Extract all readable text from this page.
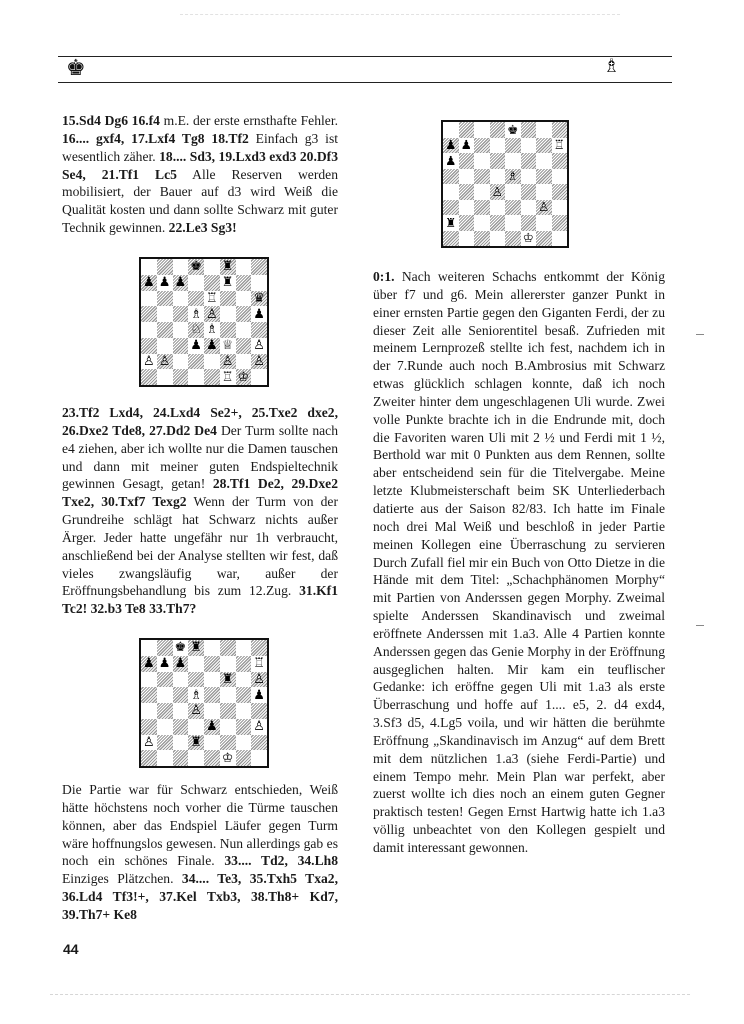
♚	♗

15.Sd4 Dg6 16.f4 m.E. der erste ernsthafte Fehler. 16.... gxf4, 17.Lxf4 Tg8 18.Tf2 Einfach g3 ist wesentlich zäher. 18.... Sd3, 19.Lxd3 exd3 20.Df3 Se4, 21.Tf1 Lc5 Alle Reserven werden mobilisiert, der Bauer auf d3 wird Weiß die Qualität kosten und dann sollte Schwarz mit guter Technik gewinnen. 22.Le3 Sg3!

♚ ♜
♟ ♟ ♟	♜
♖	♛
♗ ♙	♟
♘ ♗
♟ ♟ ♕ ♙
♙ ♙	♙ ♙
♖ ♔

23.Tf2 Lxd4, 24.Lxd4 Se2+, 25.Txe2 dxe2, 26.Dxe2 Tde8, 27.Dd2 De4 Der Turm sollte nach e4 ziehen, aber ich wollte nur die Damen tauschen und dann mit meiner guten Endspieltechnik gewinnen Gesagt, getan! 28.Tf1 De2, 29.Dxe2 Txe2, 30.Txf7 Texg2 Wenn der Turm von der Grundreihe schlägt hat Schwarz nichts außer Ärger. Jeder hatte ungefähr nur 1h verbraucht, anschließend bei der Analyse stellten wir fest, daß vieles zwangsläufig war, außer der Eröffnungsbehandlung bis zum 12.Zug. 31.Kf1 Tc2! 32.b3 Te8 33.Th7?

♚ ♜
♟ ♟ ♟	♖
♜ ♙
♗	♟
♙
♟	♙
♙	♜
♔

Die Partie war für Schwarz entschieden, Weiß hätte höchstens noch vorher die Türme tauschen können, aber das Endspiel Läufer gegen Turm wäre hoffnungslos gewesen. Nun allerdings gab es noch ein schönes Finale. 33.... Td2, 34.Lh8 Einziges Plätzchen. 34.... Te3, 35.Txh5 Txa2, 36.Ld4 Tf3!+, 37.Kel Txb3, 38.Th8+ Kd7, 39.Th7+ Ke8

♚
♟ ♟	♖
♟
♗
♙
♙
♜
♔

0:1. Nach weiteren Schachs entkommt der König über f7 und g6. Mein allererster ganzer Punkt in einer ernsten Partie gegen den Giganten Ferdi, der zu dieser Zeit alle Seniorentitel besaß. Zufrieden mit meinem Lernprozeß stellte ich fest, nachdem ich in der 7.Runde auch noch B.Ambrosius mit Schwarz etwas glücklich schlagen konnte, daß ich noch Zweiter hinter dem ungeschlagenen Uli wurde. Zwei volle Punkte brachte ich in die Endrunde mit, doch die Favoriten waren Uli mit 2 ½ und Ferdi mit 1 ½, Berthold war mit 0 Punkten aus dem Rennen, sollte aber entscheidend sein für die Titelvergabe. Meine letzte Klubmeisterschaft beim SK Unterliederbach datierte aus der Saison 82/83. Ich hatte im Finale noch drei Mal Weiß und beschloß in jeder Partie meinen Kollegen eine Überraschung zu servieren Durch Zufall fiel mir ein Buch von Otto Dietze in die Hände mit dem Titel: „Schachphänomen Morphy“ mit Partien von Anderssen gegen Morphy. Zweimal spielte Anderssen Skandinavisch und zweimal eröffnete Anderssen mit 1.a3. Alle 4 Partien konnte Anderssen gegen das Genie Morphy in der Eröffnung ausgeglichen halten. Mir kam ein teuflischer Gedanke: ich eröffne gegen Uli mit 1.a3 als erste Überraschung und hoffe auf 1.... e5, 2. d4 exd4, 3.Sf3 d5, 4.Lg5 voila, und wir hätten die berühmte Eröffnung „Skandinavisch im Anzug“ auf dem Brett mit dem nützlichen 1.a3 (siehe Ferdi-Partie) und einem Tempo mehr. Mein Plan war perfekt, aber zuerst wollte ich dies noch an einem guten Gegner praktisch testen! Gegen Ernst Hartwig hatte ich 1.a3 völlig unbeachtet von den Kollegen gespielt und damit interessant gewonnen.

44
